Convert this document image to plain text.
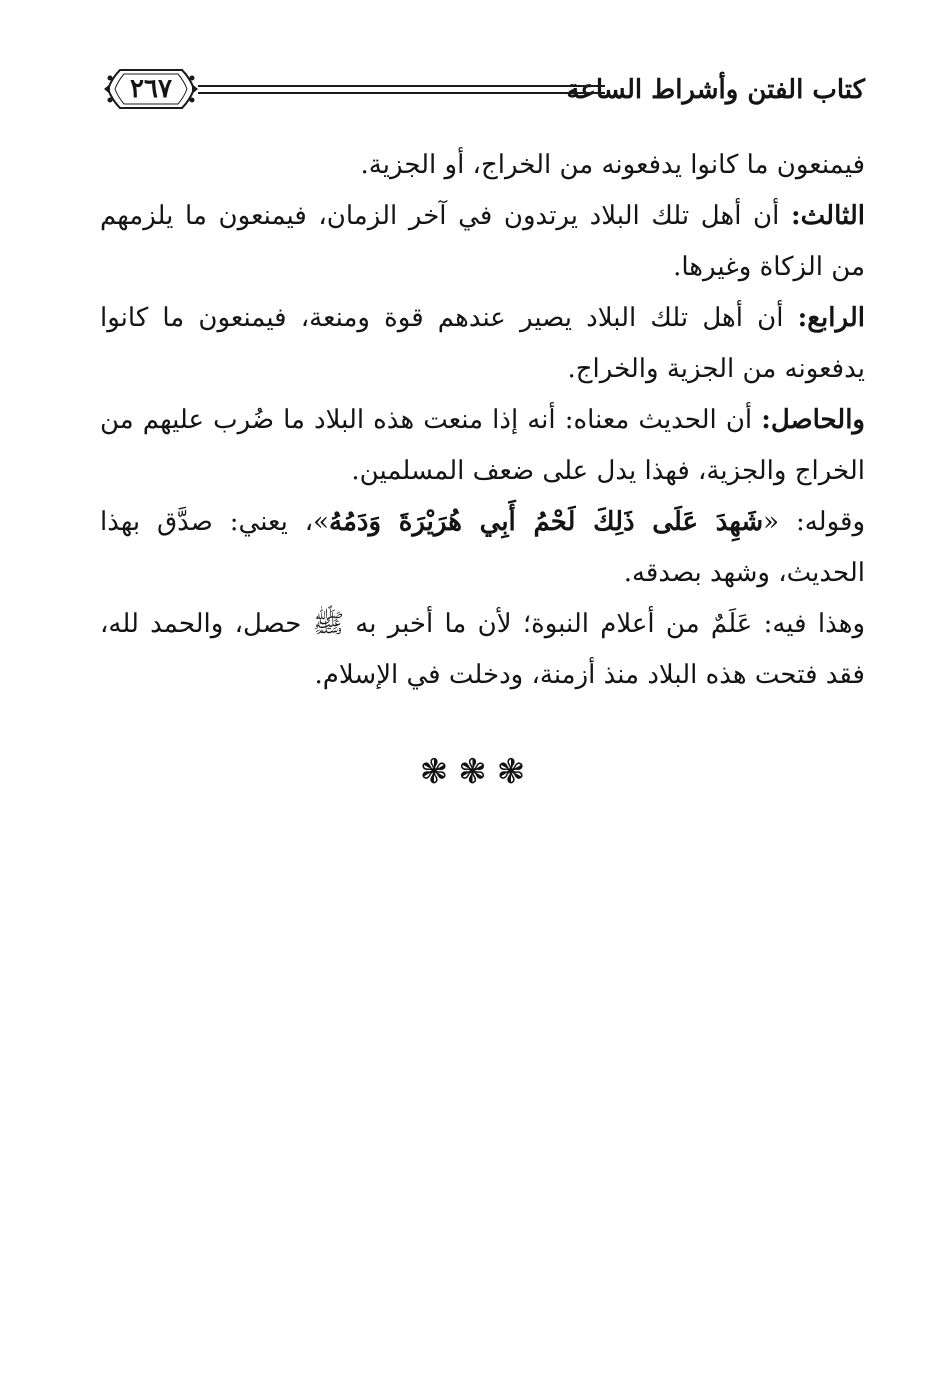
كتاب الفتن وأشراط الساعة
٢٦٧

فيمنعون ما كانوا يدفعونه من الخراج، أو الجزية.

الثالث: أن أهل تلك البلاد يرتدون في آخر الزمان، فيمنعون ما يلزمهم من الزكاة وغيرها.

الرابع: أن أهل تلك البلاد يصير عندهم قوة ومنعة، فيمنعون ما كانوا يدفعونه من الجزية والخراج.

والحاصل: أن الحديث معناه: أنه إذا منعت هذه البلاد ما ضُرب عليهم من الخراج والجزية، فهذا يدل على ضعف المسلمين.

وقوله: «شَهِدَ عَلَى ذَلِكَ لَحْمُ أَبِي هُرَيْرَةَ وَدَمُهُ»، يعني: صدَّق بهذا الحديث، وشهد بصدقه.

وهذا فيه: عَلَمٌ من أعلام النبوة؛ لأن ما أخبر به ﷺ حصل، والحمد لله، فقد فتحت هذه البلاد منذ أزمنة، ودخلت في الإسلام.

❃ ❃ ❃
